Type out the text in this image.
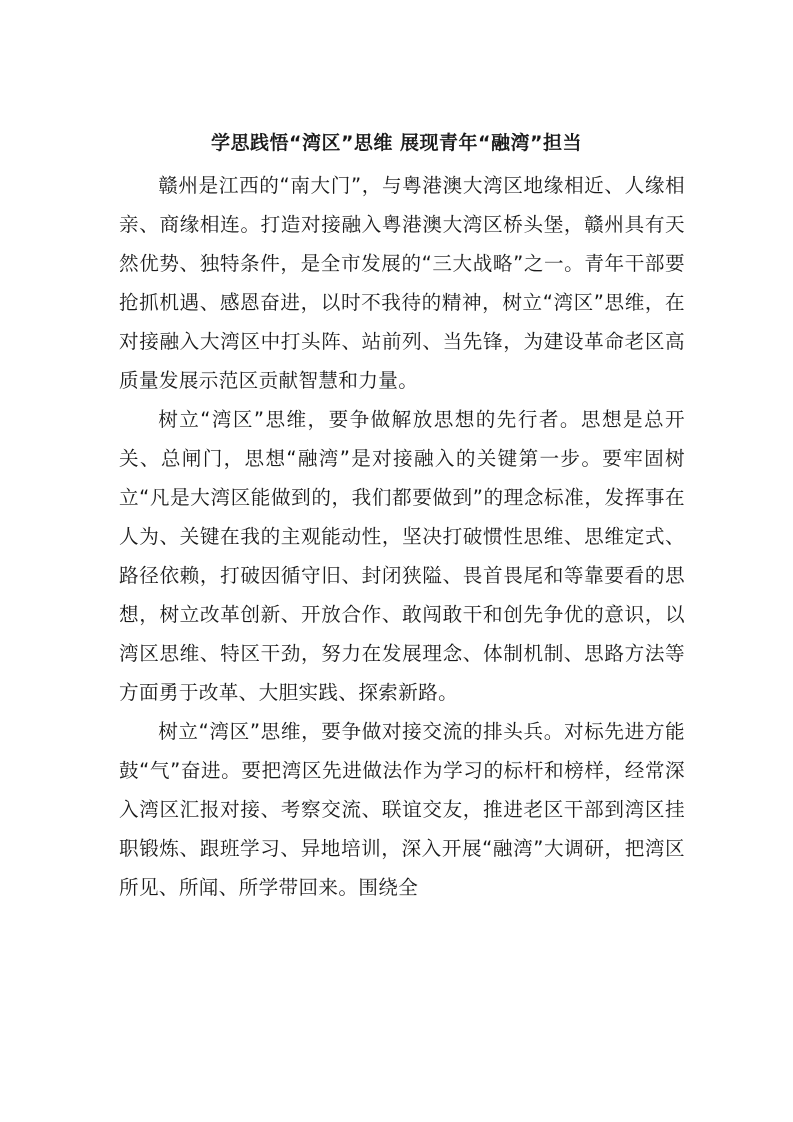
学思践悟“湾区”思维 展现青年“融湾”担当

赣州是江西的“南大门”，与粤港澳大湾区地缘相近、人缘相亲、商缘相连。打造对接融入粤港澳大湾区桥头堡，赣州具有天然优势、独特条件，是全市发展的“三大战略”之一。青年干部要抢抓机遇、感恩奋进，以时不我待的精神，树立“湾区”思维，在对接融入大湾区中打头阵、站前列、当先锋，为建设革命老区高质量发展示范区贡献智慧和力量。

树立“湾区”思维，要争做解放思想的先行者。思想是总开关、总闸门，思想“融湾”是对接融入的关键第一步。要牢固树立“凡是大湾区能做到的，我们都要做到”的理念标准，发挥事在人为、关键在我的主观能动性，坚决打破惯性思维、思维定式、路径依赖，打破因循守旧、封闭狭隘、畏首畏尾和等靠要看的思想，树立改革创新、开放合作、敢闯敢干和创先争优的意识，以湾区思维、特区干劲，努力在发展理念、体制机制、思路方法等方面勇于改革、大胆实践、探索新路。

树立“湾区”思维，要争做对接交流的排头兵。对标先进方能鼓“气”奋进。要把湾区先进做法作为学习的标杆和榜样，经常深入湾区汇报对接、考察交流、联谊交友，推进老区干部到湾区挂职锻炼、跟班学习、异地培训，深入开展“融湾”大调研，把湾区所见、所闻、所学带回来。围绕全
